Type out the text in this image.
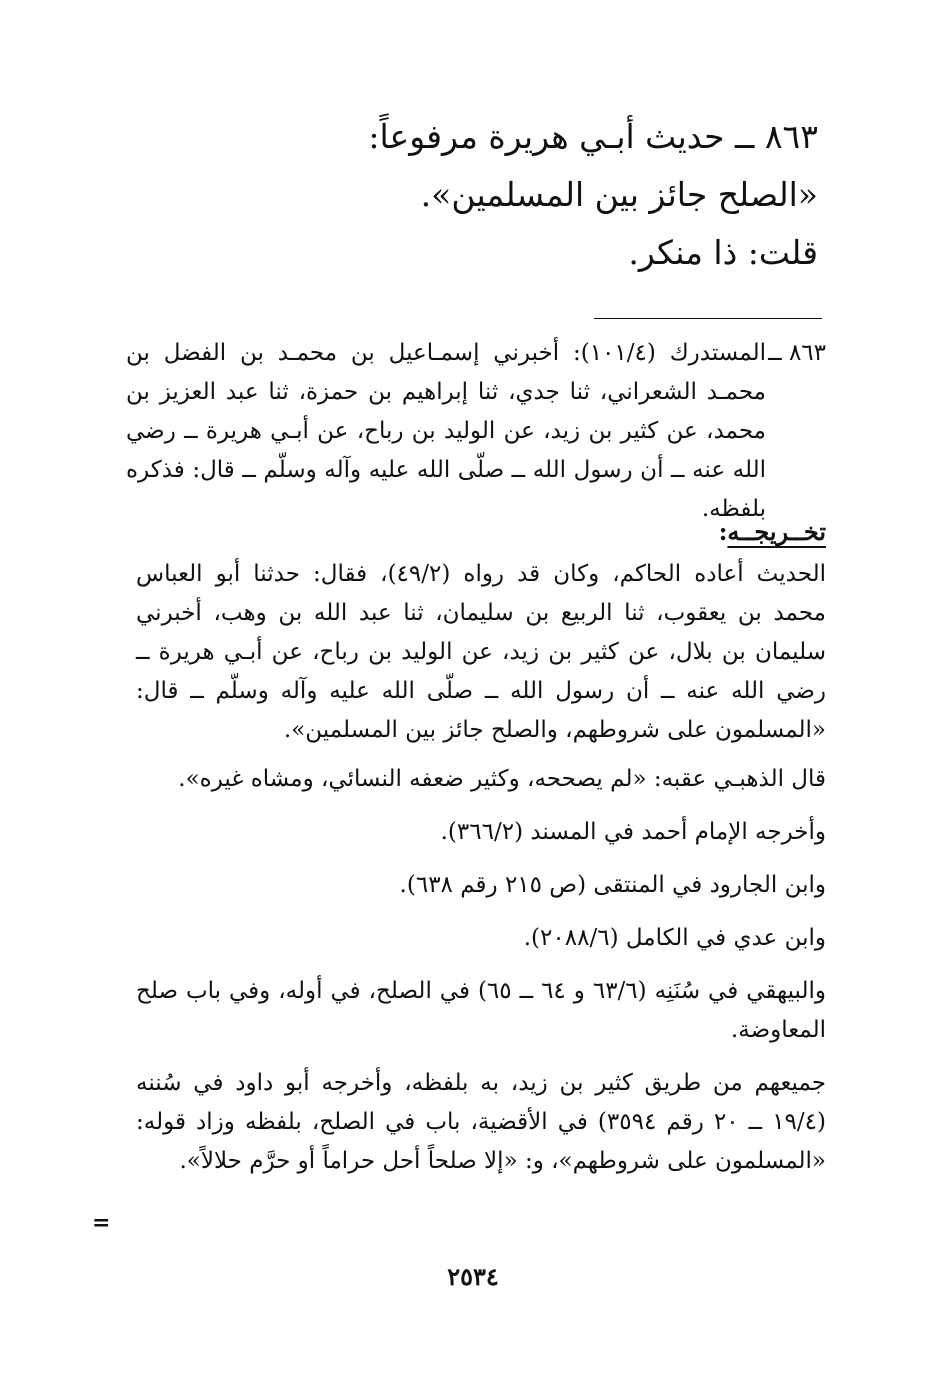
٨٦٣ ــ حديث أبـي هريرة مرفوعاً:
«الصلح جائز بين المسلمين».
قلت: ذا منكر.
٨٦٣ ــ
المستدرك (١٠١/٤): أخبرني إسمـاعيل بن محمـد بن الفضل بن محمـد الشعراني، ثنا جدي، ثنا إبراهيم بن حمزة، ثنا عبد العزيز بن محمد، عن كثير بن زيد، عن الوليد بن رباح، عن أبـي هريرة ــ رضي الله عنه ــ أن رسول الله ــ صلّى الله عليه وآله وسلّم ــ قال: فذكره بلفظه.
تخــريجــه:
الحديث أعاده الحاكم، وكان قد رواه (٤٩/٢)، فقال: حدثنا أبو العباس محمد بن يعقوب، ثنا الربيع بن سليمان، ثنا عبد الله بن وهب، أخبرني سليمان بن بلال، عن كثير بن زيد، عن الوليد بن رباح، عن أبـي هريرة ــ رضي الله عنه ــ أن رسول الله ــ صلّى الله عليه وآله وسلّم ــ قال: «المسلمون على شروطهم، والصلح جائز بين المسلمين».
قال الذهبـي عقبه: «لم يصححه، وكثير ضعفه النسائي، ومشاه غيره».
وأخرجه الإمام أحمد في المسند (٣٦٦/٢).
وابن الجارود في المنتقى (ص ٢١٥ رقم ٦٣٨).
وابن عدي في الكامل (٢٠٨٨/٦).
والبيهقي في سُنَنِه (٦٣/٦ و ٦٤ ــ ٦٥) في الصلح، في أوله، وفي باب صلح المعاوضة.
جميعهم من طريق كثير بن زيد، به بلفظه، وأخرجه أبو داود في سُننه (١٩/٤ ــ ٢٠ رقم ٣٥٩٤) في الأقضية، باب في الصلح، بلفظه وزاد قوله: «المسلمون على شروطهم»، و: «إلا صلحاً أحل حراماً أو حرَّم حلالاً».
=
٢٥٣٤
